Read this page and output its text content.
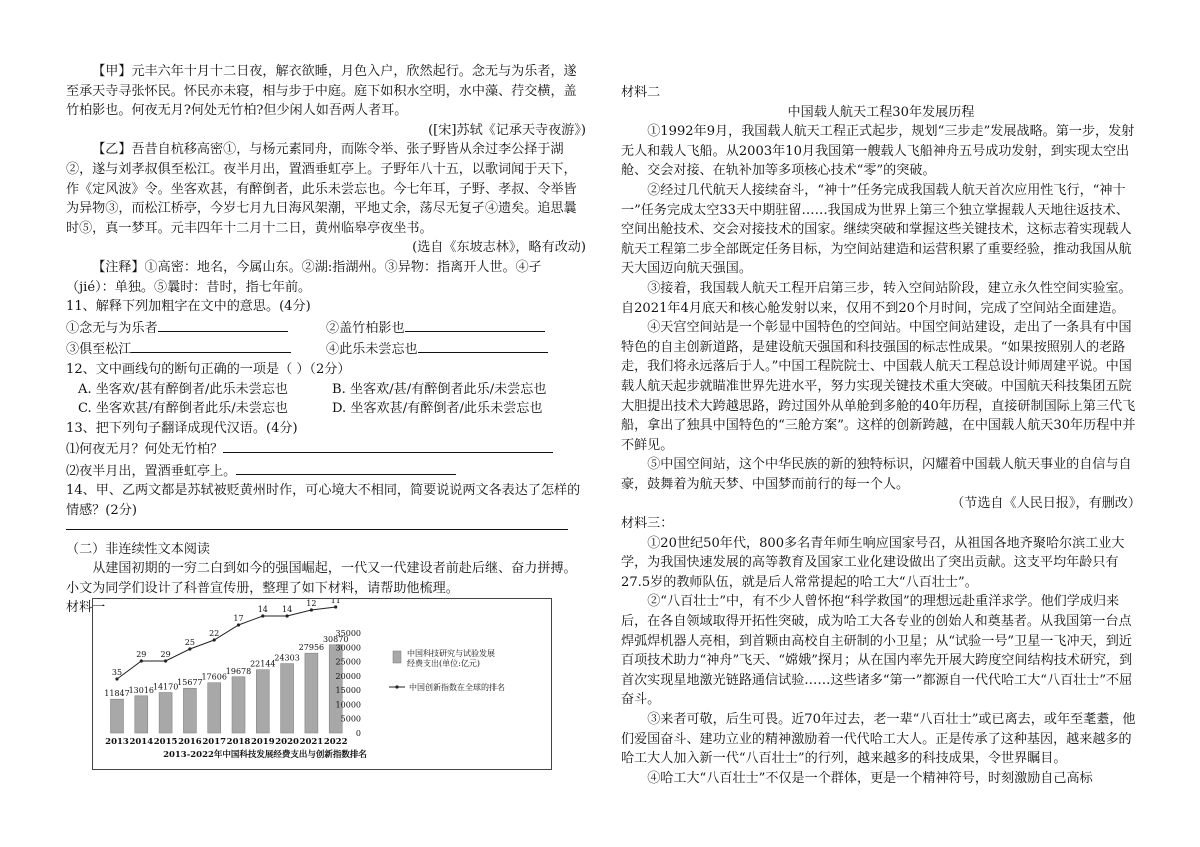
【甲】元丰六年十月十二日夜，解衣欲睡，月色入户，欣然起行。念无与为乐者，遂至承天寺寻张怀民。怀民亦未寝，相与步于中庭。庭下如积水空明，水中藻、荇交横，盖竹柏影也。何夜无月?何处无竹柏?但少闲人如吾两人者耳。

([宋]苏轼《记承天寺夜游》)

【乙】吾昔自杭移高密①，与杨元素同舟，而陈令举、张子野皆从余过李公择于湖②，遂与刘孝叔俱至松江。夜半月出，置酒垂虹亭上。子野年八十五，以歌词闻于天下，作《定风波》令。坐客欢甚，有醉倒者，此乐未尝忘也。今七年耳，子野、孝叔、令举皆为异物③，而松江桥亭，今岁七月九日海风架潮，平地丈余，荡尽无复孑④遗矣。追思曩时⑤，真一梦耳。元丰四年十二月十二日，黄州临皋亭夜坐书。

(选自《东坡志林》，略有改动)

【注释】①高密：地名，今属山东。②湖:指湖州。③异物：指离开人世。④孑（jié）：单独。⑤曩时：昔时，指七年前。

11、解释下列加粗字在文中的意思。(4分)

①念无与为乐者	②盖竹柏影也
③俱至松江	④此乐未尝忘也

12、文中画线句的断句正确的一项是（ ）（2分）

A. 坐客欢/甚有醉倒者/此乐未尝忘也	B. 坐客欢/甚/有醉倒者此乐/未尝忘也
C. 坐客欢甚/有醉倒者此乐/未尝忘也	D. 坐客欢甚/有醉倒者/此乐未尝忘也

13、把下列句子翻译成现代汉语。(4分)

⑴何夜无月？何处无竹柏？

⑵夜半月出，置酒垂虹亭上。

14、甲、乙两文都是苏轼被贬黄州时作，可心境大不相同，简要说说两文各表达了怎样的情感？(2分)

（二）非连续性文本阅读

从建国初期的一穷二白到如今的强国崛起，一代又一代建设者前赴后继、奋力拼搏。小文为同学们设计了科普宣传册，整理了如下材料，请帮助他梳理。

材料一

11847
2013
13016
2014
14170
2015
15677
2016
17606
2017
19678
2018
22144
2019
24303
2020
27956
2021
30870
2022
35
29 29
25
22
17
14 14
12 11
35000
30000
25000
20000
15000
10000
5000
0
中国科技研究与试验发展
经费支出(单位:亿元)
中国创新指数在全球的排名
2013-2022年中国科技发展经费支出与创新指数排名

材料二

中国载人航天工程30年发展历程

①1992年9月，我国载人航天工程正式起步，规划“三步走”发展战略。第一步，发射无人和载人飞船。从2003年10月我国第一艘载人飞船神舟五号成功发射，到实现太空出舱、交会对接、在轨补加等多项核心技术“零”的突破。

②经过几代航天人接续奋斗，“神十”任务完成我国载人航天首次应用性飞行，“神十一”任务完成太空33天中期驻留……我国成为世界上第三个独立掌握载人天地往返技术、空间出舱技术、交会对接技术的国家。继续突破和掌握这些关键技术，这标志着实现载人航天工程第二步全部既定任务目标，为空间站建造和运营积累了重要经验，推动我国从航天大国迈向航天强国。

③接着，我国载人航天工程开启第三步，转入空间站阶段，建立永久性空间实验室。自2021年4月底天和核心舱发射以来，仅用不到20个月时间，完成了空间站全面建造。

④天宫空间站是一个彰显中国特色的空间站。中国空间站建设，走出了一条具有中国特色的自主创新道路，是建设航天强国和科技强国的标志性成果。“如果按照别人的老路走，我们将永远落后于人。”中国工程院院士、中国载人航天工程总设计师周建平说。中国载人航天起步就瞄准世界先进水平，努力实现关键技术重大突破。中国航天科技集团五院大胆提出技术大跨越思路，跨过国外从单舱到多舱的40年历程，直接研制国际上第三代飞船，拿出了独具中国特色的“三舱方案”。这样的创新跨越，在中国载人航天30年历程中并不鲜见。

⑤中国空间站，这个中华民族的新的独特标识，闪耀着中国载人航天事业的自信与自豪，鼓舞着为航天梦、中国梦而前行的每一个人。

（节选自《人民日报》，有删改）

材料三：

①20世纪50年代，800多名青年师生响应国家号召，从祖国各地齐聚哈尔滨工业大学，为我国快速发展的高等教育及国家工业化建设做出了突出贡献。这支平均年龄只有27.5岁的教师队伍，就是后人常常提起的哈工大“八百壮士”。

②“八百壮士”中，有不少人曾怀抱“科学救国”的理想远赴重洋求学。他们学成归来后，在各自领域取得开拓性突破，成为哈工大各专业的创始人和奠基者。从我国第一台点焊弧焊机器人亮相，到首颗由高校自主研制的小卫星；从“试验一号”卫星一飞冲天，到近百项技术助力“神舟”飞天、“嫦娥”探月；从在国内率先开展大跨度空间结构技术研究，到首次实现星地激光链路通信试验……这些诸多“第一”都源自一代代哈工大“八百壮士”不屈奋斗。

③来者可敬，后生可畏。近70年过去，老一辈“八百壮士”或已离去，或年至耄耋，他们爱国奋斗、建功立业的精神激励着一代代哈工大人。正是传承了这种基因，越来越多的哈工大人加入新一代“八百壮士”的行列，越来越多的科技成果，令世界瞩目。

④哈工大“八百壮士”不仅是一个群体，更是一个精神符号，时刻激励自己高标
